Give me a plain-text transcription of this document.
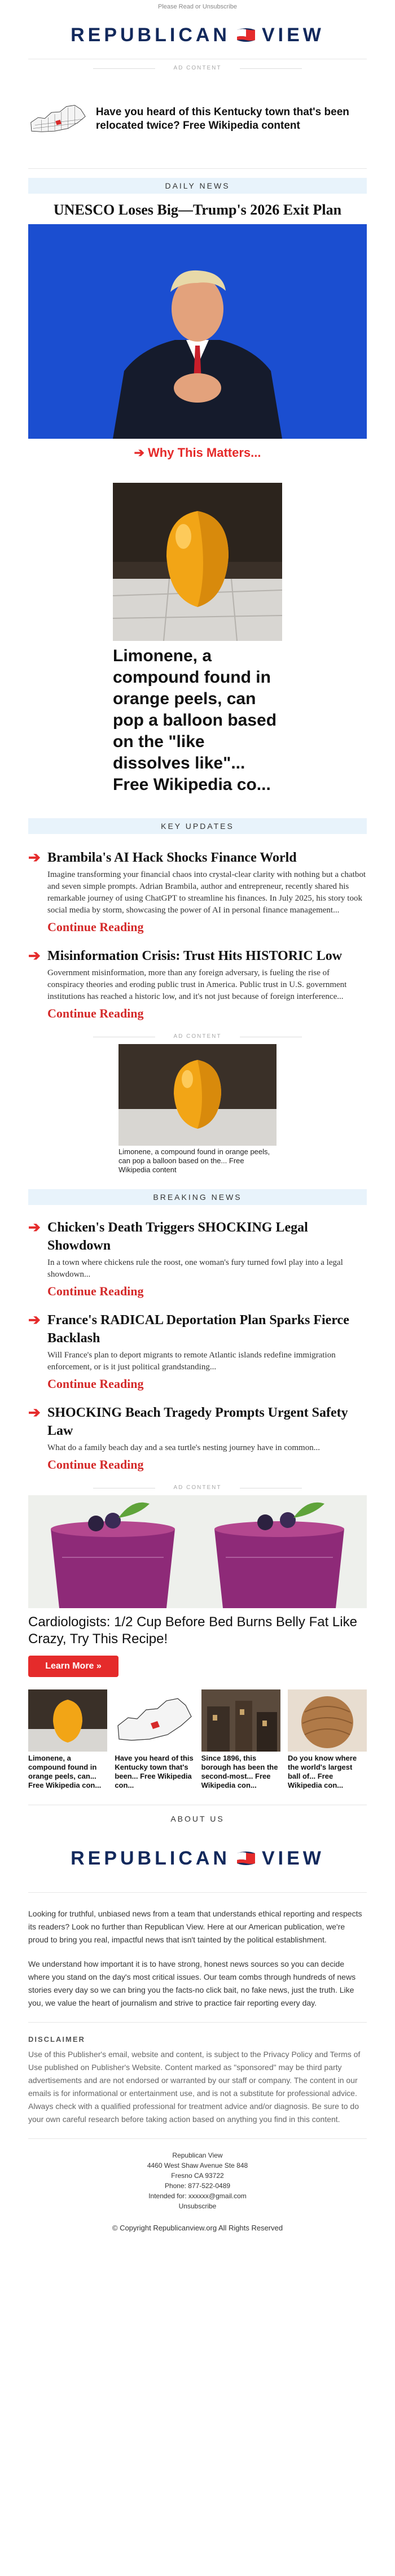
Please Read or Unsubscribe
REPUBLICAN VIEW
AD CONTENT
Have you heard of this Kentucky town that's been relocated twice? Free Wikipedia content
DAILY NEWS
UNESCO Loses Big—Trump's 2026 Exit Plan
➔ Why This Matters...
Limonene, a compound found in orange peels, can pop a balloon based on the "like dissolves like"... Free Wikipedia co...
KEY UPDATES
➔ Brambila's AI Hack Shocks Finance World
Imagine transforming your financial chaos into crystal-clear clarity with nothing but a chatbot and seven simple prompts. Adrian Brambila, author and entrepreneur, recently shared his remarkable journey of using ChatGPT to streamline his finances. In July 2025, his story took social media by storm, showcasing the power of AI in personal finance management...
Continue Reading
➔ Misinformation Crisis: Trust Hits HISTORIC Low
Government misinformation, more than any foreign adversary, is fueling the rise of conspiracy theories and eroding public trust in America. Public trust in U.S. government institutions has reached a historic low, and it's not just because of foreign interference...
Continue Reading
AD CONTENT
Limonene, a compound found in orange peels, can pop a balloon based on the... Free Wikipedia content
BREAKING NEWS
➔ Chicken's Death Triggers SHOCKING Legal Showdown
In a town where chickens rule the roost, one woman's fury turned fowl play into a legal showdown...
Continue Reading
➔ France's RADICAL Deportation Plan Sparks Fierce Backlash
Will France's plan to deport migrants to remote Atlantic islands redefine immigration enforcement, or is it just political grandstanding...
Continue Reading
➔ SHOCKING Beach Tragedy Prompts Urgent Safety Law
What do a family beach day and a sea turtle's nesting journey have in common...
Continue Reading
AD CONTENT
Cardiologists: 1/2 Cup Before Bed Burns Belly Fat Like Crazy, Try This Recipe!
Learn More »
Limonene, a compound found in orange peels, can... Free Wikipedia con...
Have you heard of this Kentucky town that's been... Free Wikipedia con...
Since 1896, this borough has been the second-most... Free Wikipedia con...
Do you know where the world's largest ball of... Free Wikipedia con...
ABOUT US
REPUBLICAN VIEW
Looking for truthful, unbiased news from a team that understands ethical reporting and respects its readers? Look no further than Republican View. Here at our American publication, we're proud to bring you real, impactful news that isn't tainted by the political establishment.
We understand how important it is to have strong, honest news sources so you can decide where you stand on the day's most critical issues. Our team combs through hundreds of news stories every day so we can bring you the facts-no click bait, no fake news, just the truth. Like you, we value the heart of journalism and strive to practice fair reporting every day.
DISCLAIMER
Use of this Publisher's email, website and content, is subject to the Privacy Policy and Terms of Use published on Publisher's Website. Content marked as "sponsored" may be third party advertisements and are not endorsed or warranted by our staff or company. The content in our emails is for informational or entertainment use, and is not a substitute for professional advice. Always check with a qualified professional for treatment advice and/or diagnosis. Be sure to do your own careful research before taking action based on anything you find in this content.
Republican View
4460 West Shaw Avenue Ste 848
Fresno CA 93722
Phone: 877-522-0489
Intended for: xxxxxx@gmail.com
Unsubscribe
© Copyright Republicanview.org All Rights Reserved
